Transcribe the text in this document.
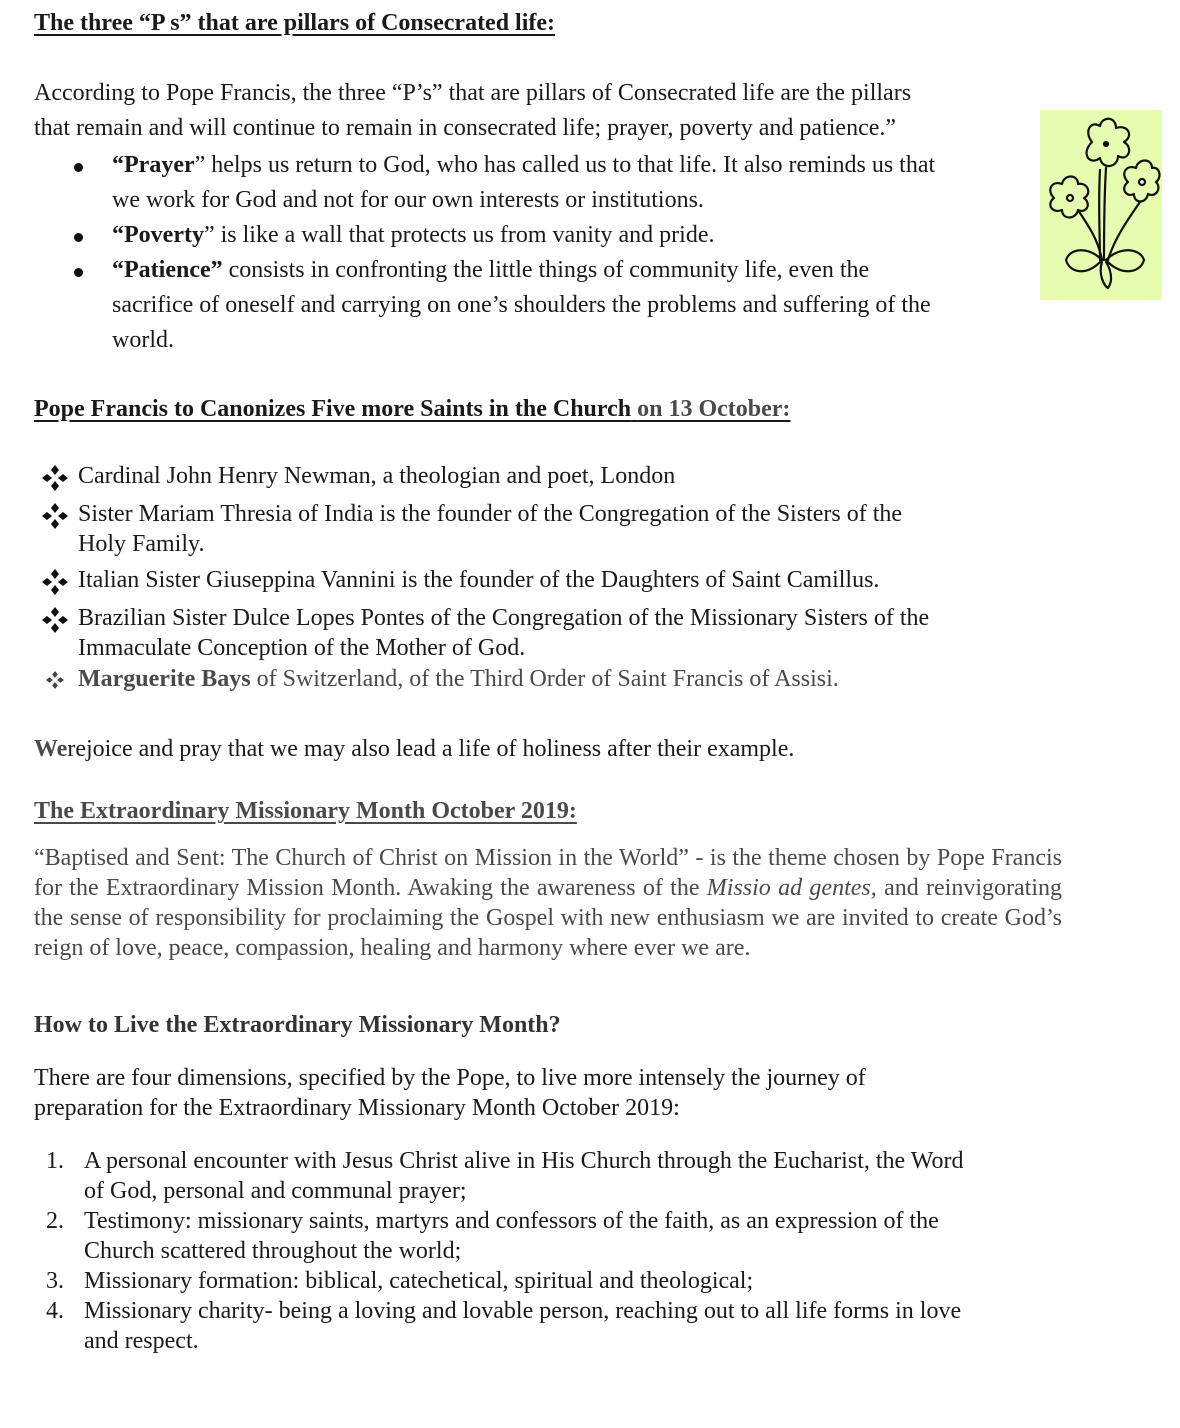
The three “P s” that are pillars of Consecrated life:

According to Pope Francis, the three “P’s” that are pillars of Consecrated life are the pillars
that remain and will continue to remain in consecrated life; prayer, poverty and patience.”

“Prayer” helps us return to God, who has called us to that life. It also reminds us that
we work for God and not for our own interests or institutions.
“Poverty” is like a wall that protects us from vanity and pride.
“Patience” consists in confronting the little things of community life, even the
sacrifice of oneself and carrying on one’s shoulders the problems and suffering of the
world.
Pope Francis to Canonizes Five more Saints in the Church on 13 October:
Cardinal John Henry Newman, a theologian and poet, London
Sister Mariam Thresia of India is the founder of the Congregation of the Sisters of the
Holy Family.
Italian Sister Giuseppina Vannini is the founder of the Daughters of Saint Camillus.
Brazilian Sister Dulce Lopes Pontes of the Congregation of the Missionary Sisters of the
Immaculate Conception of the Mother of God.
Marguerite Bays of Switzerland, of the Third Order of Saint Francis of Assisi.

Werejoice and pray that we may also lead a life of holiness after their example.

The Extraordinary Missionary Month October 2019:

“Baptised and Sent: The Church of Christ on Mission in the World” - is the theme chosen by Pope Francis for the Extraordinary Mission Month. Awaking the awareness of the Missio ad gentes, and reinvigorating the sense of responsibility for proclaiming the Gospel with new enthusiasm we are invited to create God’s reign of love, peace, compassion, healing and harmony where ever we are.

How to Live the Extraordinary Missionary Month?

There are four dimensions, specified by the Pope, to live more intensely the journey of
preparation for the Extraordinary Missionary Month October 2019:

1. A personal encounter with Jesus Christ alive in His Church through the Eucharist, the Word
of God, personal and communal prayer;
2. Testimony: missionary saints, martyrs and confessors of the faith, as an expression of the
Church scattered throughout the world;
3. Missionary formation: biblical, catechetical, spiritual and theological;
4. Missionary charity- being a loving and lovable person, reaching out to all life forms in love
and respect.
